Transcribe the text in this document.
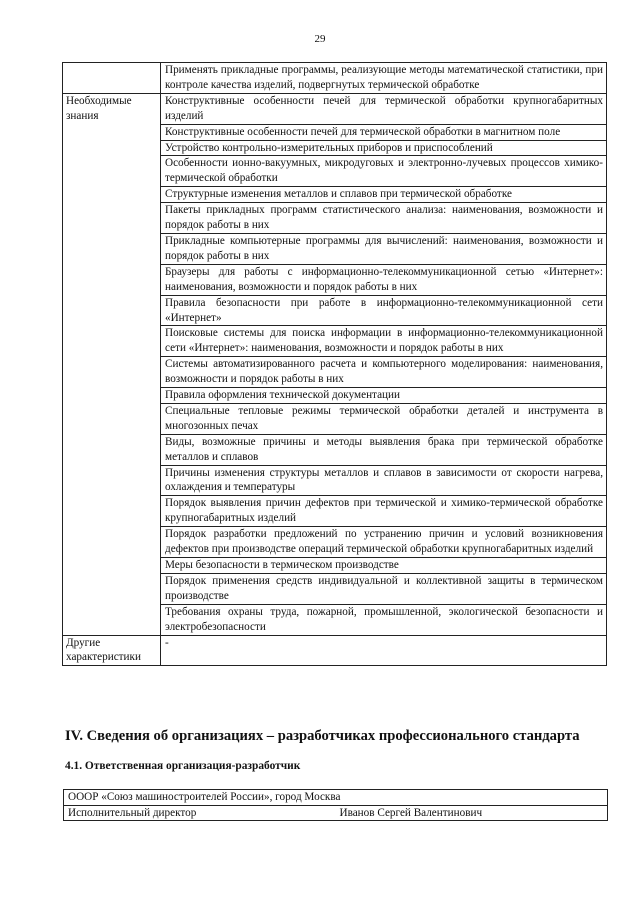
29
	Применять прикладные программы, реализующие методы математической статистики, при контроле качества изделий, подвергнутых термической обработке
Необходимые знания	Конструктивные особенности печей для термической обработки крупногабаритных изделий
	Конструктивные особенности печей для термической обработки в магнитном поле
	Устройство контрольно-измерительных приборов и приспособлений
	Особенности ионно-вакуумных, микродуговых и электронно-лучевых процессов химико-термической обработки
	Структурные изменения металлов и сплавов при термической обработке
	Пакеты прикладных программ статистического анализа: наименования, возможности и порядок работы в них
	Прикладные компьютерные программы для вычислений: наименования, возможности и порядок работы в них
	Браузеры для работы с информационно-телекоммуникационной сетью «Интернет»: наименования, возможности и порядок работы в них
	Правила безопасности при работе в информационно-телекоммуникационной сети «Интернет»
	Поисковые системы для поиска информации в информационно-телекоммуникационной сети «Интернет»: наименования, возможности и порядок работы в них
	Системы автоматизированного расчета и компьютерного моделирования: наименования, возможности и порядок работы в них
	Правила оформления технической документации
	Специальные тепловые режимы термической обработки деталей и инструмента в многозонных печах
	Виды, возможные причины и методы выявления брака при термической обработке металлов и сплавов
	Причины изменения структуры металлов и сплавов в зависимости от скорости нагрева, охлаждения и температуры
	Порядок выявления причин дефектов при термической и химико-термической обработке крупногабаритных изделий
	Порядок разработки предложений по устранению причин и условий возникновения дефектов при производстве операций термической обработки крупногабаритных изделий
	Меры безопасности в термическом производстве
	Порядок применения средств индивидуальной и коллективной защиты в термическом производстве
	Требования охраны труда, пожарной, промышленной, экологической безопасности и электробезопасности
Другие характеристики	-
IV. Сведения об организациях – разработчиках профессионального стандарта
4.1. Ответственная организация-разработчик
ОООР «Союз машиностроителей России», город Москва
Исполнительный директор	Иванов Сергей Валентинович
